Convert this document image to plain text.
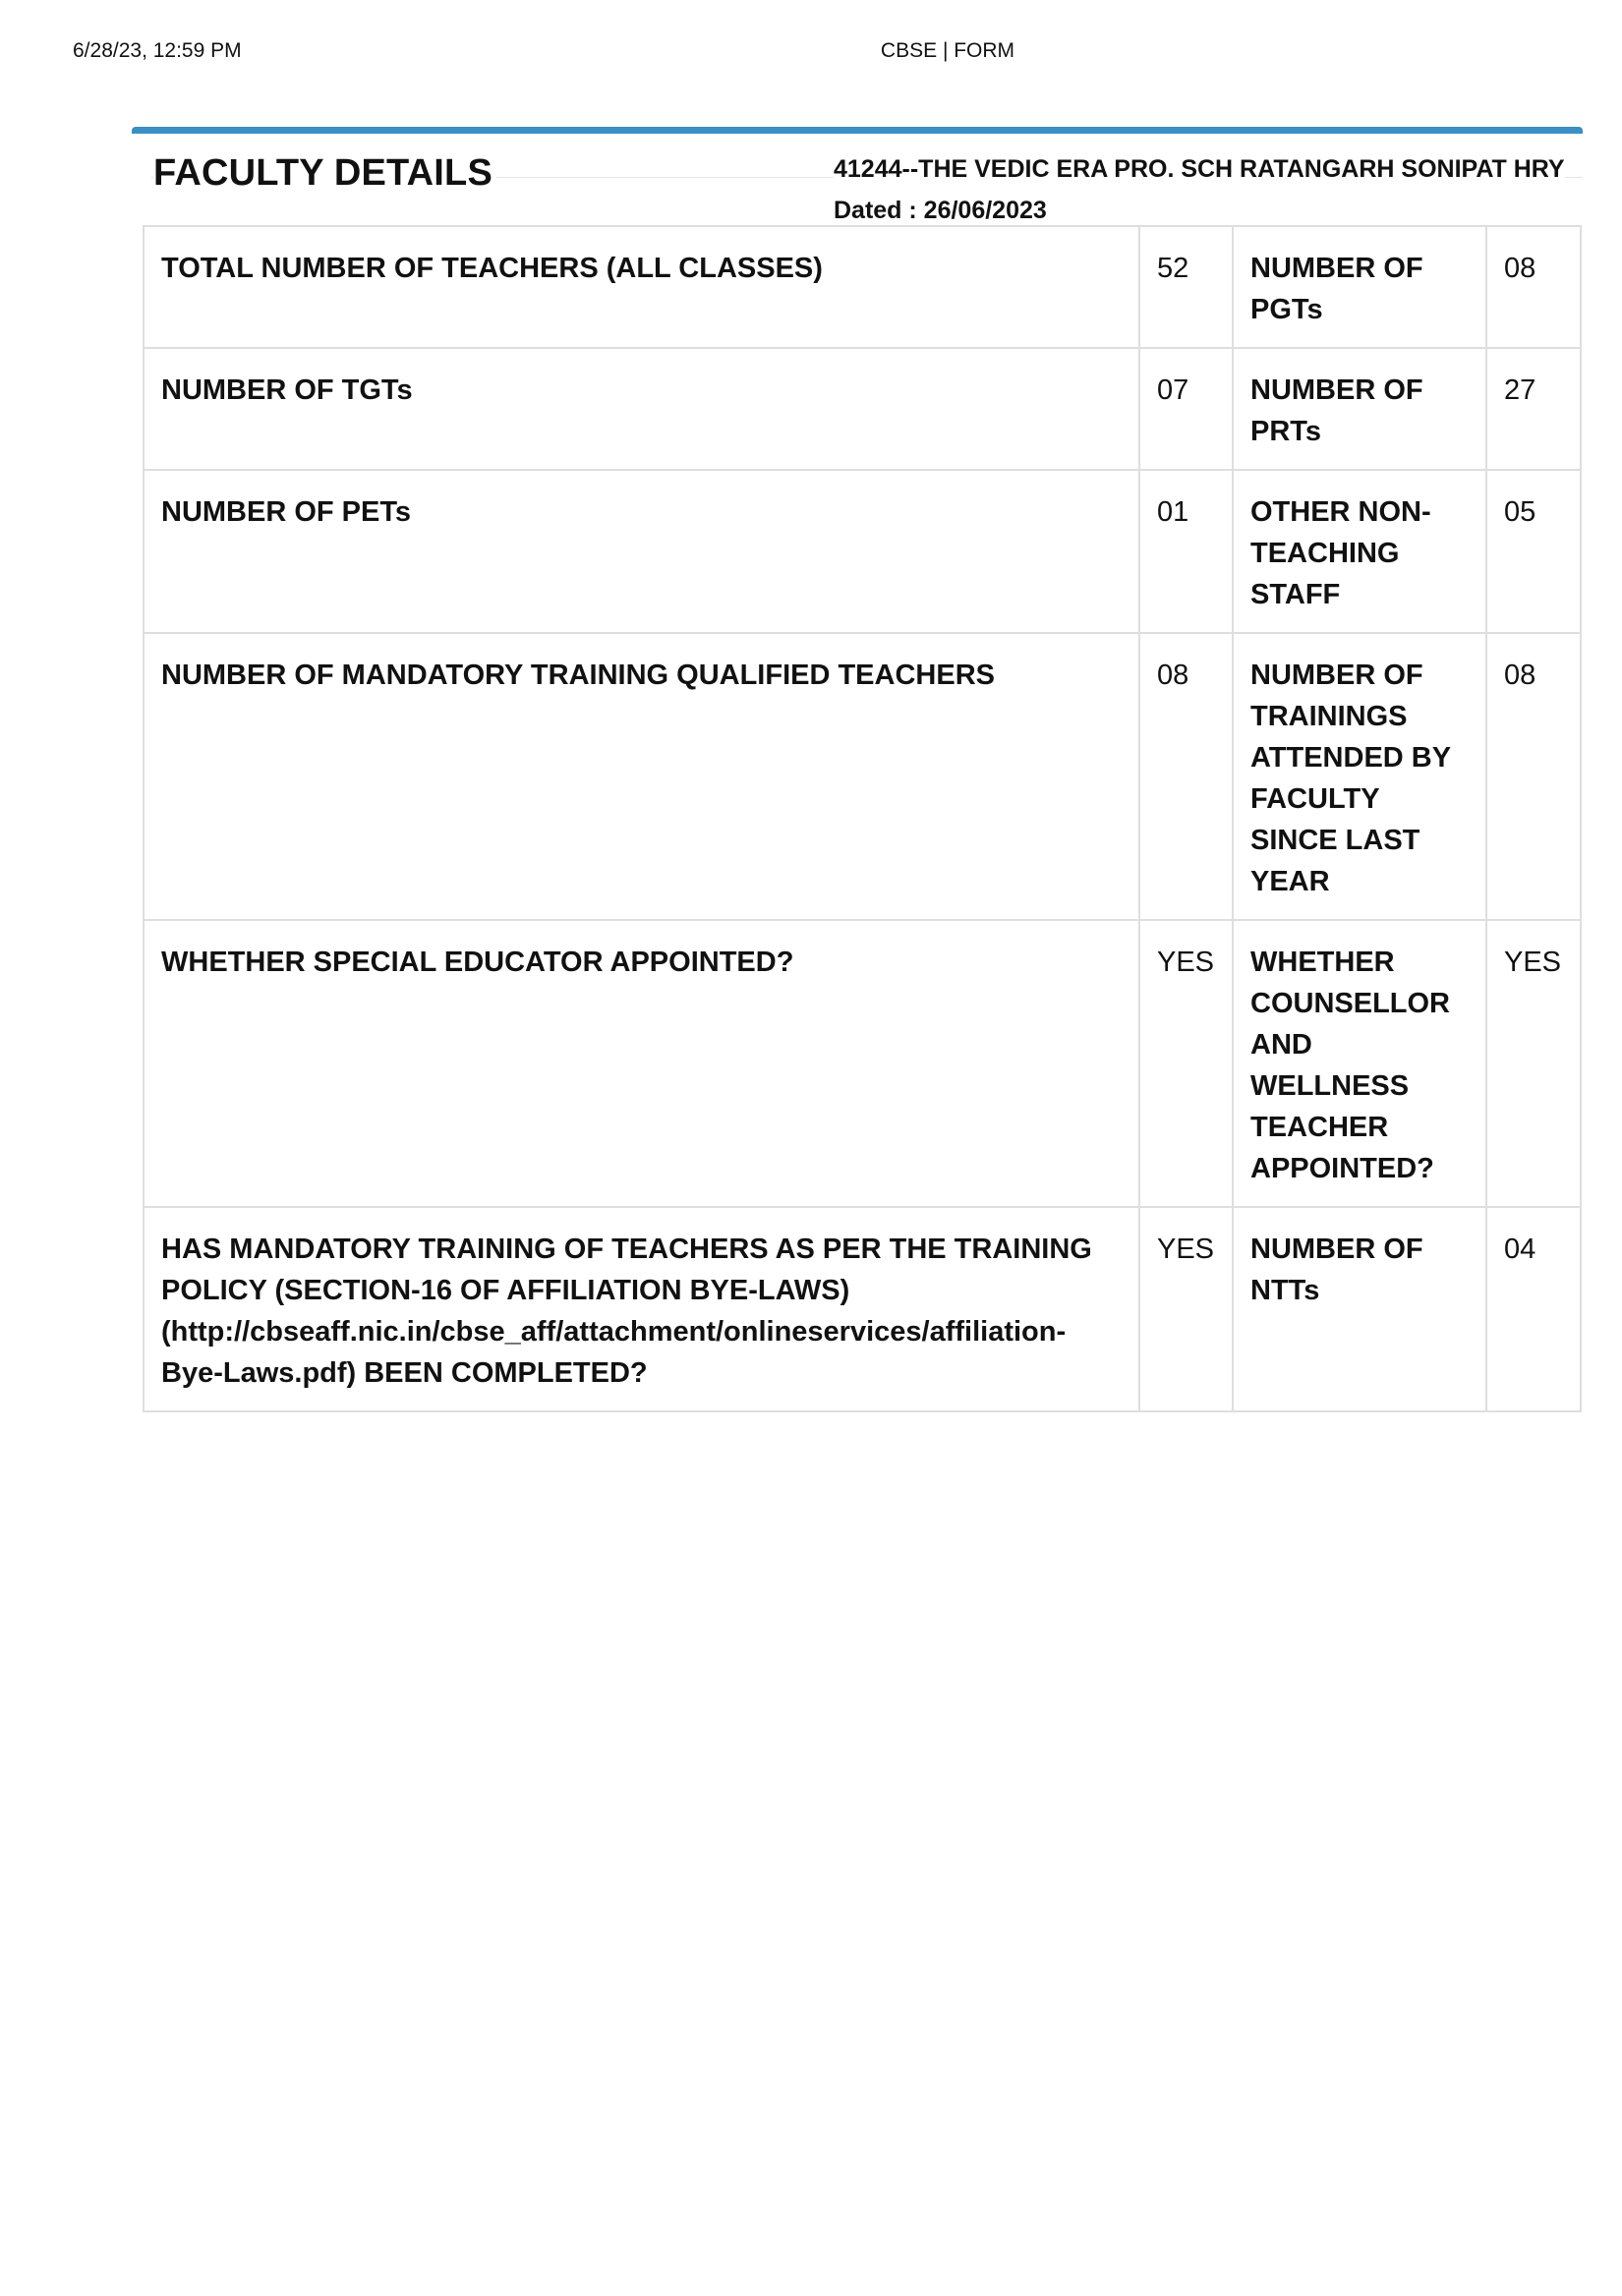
6/28/23, 12:59 PM	CBSE | FORM
FACULTY DETAILS	41244--THE VEDIC ERA PRO. SCH RATANGARH SONIPAT HRY
Dated : 26/06/2023
TOTAL NUMBER OF TEACHERS (ALL CLASSES)	52	NUMBER OF PGTs	08
NUMBER OF TGTs	07	NUMBER OF PRTs	27
NUMBER OF PETs	01	OTHER NON-TEACHING STAFF	05
NUMBER OF MANDATORY TRAINING QUALIFIED TEACHERS	08	NUMBER OF TRAININGS ATTENDED BY FACULTY SINCE LAST YEAR	08
WHETHER SPECIAL EDUCATOR APPOINTED?	YES	WHETHER COUNSELLOR AND WELLNESS TEACHER APPOINTED?	YES
HAS MANDATORY TRAINING OF TEACHERS AS PER THE TRAINING POLICY (SECTION-16 OF AFFILIATION BYE-LAWS) (http://cbseaff.nic.in/cbse_aff/attachment/onlineservices/affiliation-Bye-Laws.pdf) BEEN COMPLETED?	YES	NUMBER OF NTTs	04
